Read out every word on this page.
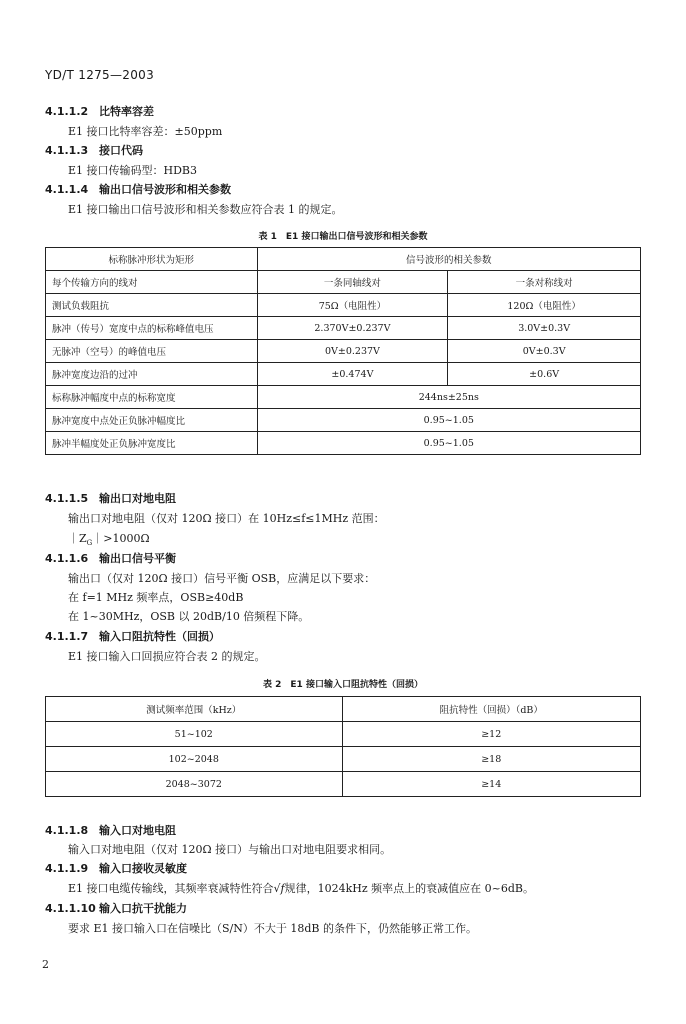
YD/T 1275—2003
4.1.1.2 比特率容差
E1 接口比特率容差：±50ppm
4.1.1.3 接口代码
E1 接口传输码型：HDB3
4.1.1.4 输出口信号波形和相关参数
E1 接口输出口信号波形和相关参数应符合表 1 的规定。
表 1　E1 接口输出口信号波形和相关参数
标称脉冲形状为矩形	信号波形的相关参数	
每个传输方向的线对	一条同轴线对	一条对称线对
测试负载阻抗	75Ω（电阻性）	120Ω（电阻性）
脉冲（传号）宽度中点的标称峰值电压	2.370V±0.237V	3.0V±0.3V
无脉冲（空号）的峰值电压	0V±0.237V	0V±0.3V
脉冲宽度边沿的过冲	±0.474V	±0.6V
标称脉冲幅度中点的标称宽度	244ns±25ns	
脉冲宽度中点处正负脉冲幅度比	0.95~1.05	
脉冲半幅度处正负脉冲宽度比	0.95~1.05	
4.1.1.5 输出口对地电阻
输出口对地电阻（仅对 120Ω 接口）在 10Hz≤f≤1MHz 范围：
$|Z_G|>1000\Omega$
4.1.1.6 输出口信号平衡
输出口（仅对 120Ω 接口）信号平衡 OSB，应满足以下要求：
在 f=1 MHz 频率点，OSB≥40dB
在 1~30MHz，OSB 以 20dB/10 倍频程下降。
4.1.1.7 输入口阻抗特性（回损）
E1 接口输入口回损应符合表 2 的规定。
表 2　E1 接口输入口阻抗特性（回损）
测试频率范围（kHz）	阻抗特性（回损）（dB）
51~102	≥12
102~2048	≥18
2048~3072	≥14
4.1.1.8 输入口对地电阻
输入口对地电阻（仅对 120Ω 接口）与输出口对地电阻要求相同。
4.1.1.9 输入口接收灵敏度
E1 接口电缆传输线，其频率衰减特性符合√f规律，1024kHz 频率点上的衰减值应在 0~6dB。
4.1.1.10 输入口抗干扰能力
要求 E1 接口输入口在信噪比（S/N）不大于 18dB 的条件下，仍然能够正常工作。
2
